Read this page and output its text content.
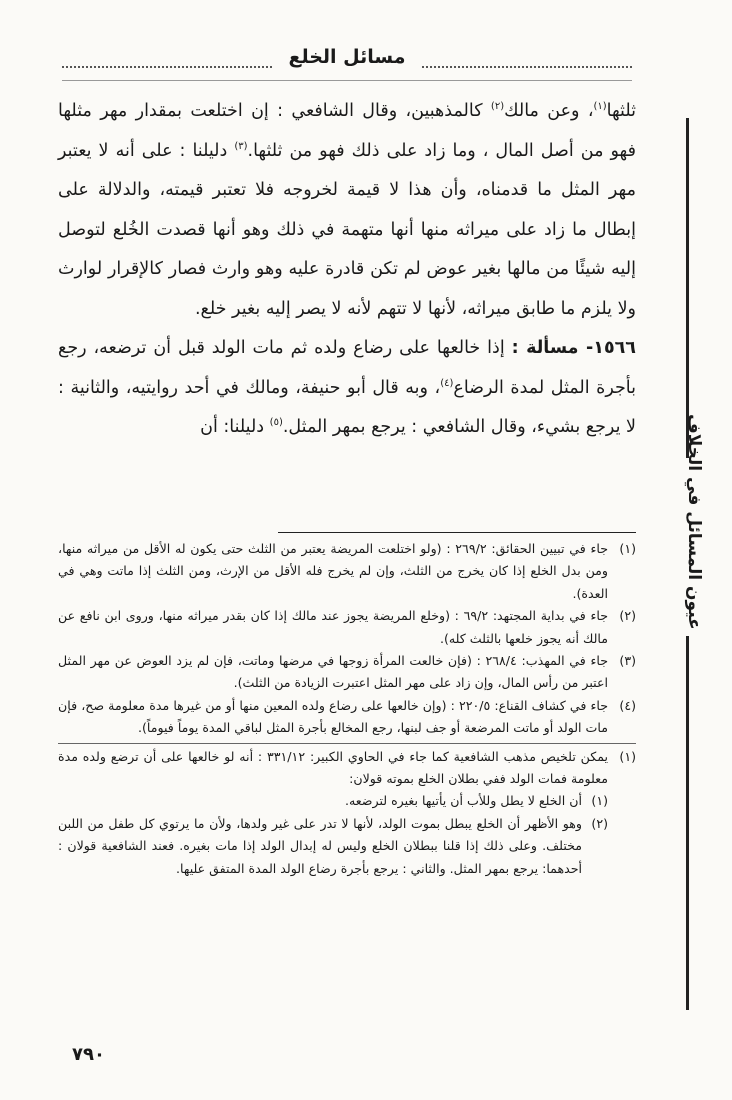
مسائل الخلع

ثلثها$^{(١)}$، وعن مالك$^{(٢)}$ كالمذهبين، وقال الشافعي : إن اختلعت بمقدار مهر مثلها فهو من أصل المال ، وما زاد على ذلك فهو من ثلثها.$^{(٣)}$ دليلنا : على أنه لا يعتبر مهر المثل ما قدمناه، وأن هذا لا قيمة لخروجه فلا تعتبر قيمته، والدلالة على إبطال ما زاد على ميراثه منها أنها متهمة في ذلك وهو أنها قصدت الخُلع لتوصل إليه شيئًا من مالها بغير عوض لم تكن قادرة عليه وهو وارث فصار كالإقرار لوارث ولا يلزم ما طابق ميراثه، لأنها لا تتهم لأنه لا يصر إليه بغير خلع.

١٥٦٦- مسألة : إذا خالعها على رضاع ولده ثم مات الولد قبل أن ترضعه، رجع بأجرة المثل لمدة الرضاع$^{(٤)}$، وبه قال أبو حنيفة، ومالك في أحد روايتيه، والثانية : لا يرجع بشيء، وقال الشافعي : يرجع بمهر المثل.$^{(٥)}$ دليلنا: أن

(١)جاء في تبيين الحقائق: ٢٦٩/٢ : (ولو اختلعت المريضة يعتبر من الثلث حتى يكون له الأقل من ميراثه منها، ومن بدل الخلع إذا كان يخرج من الثلث، وإن لم يخرج فله الأقل من الإرث، ومن الثلث إذا ماتت وهي في العدة).

(٢)جاء في بداية المجتهد: ٦٩/٢ : (وخلع المريضة يجوز عند مالك إذا كان بقدر ميراثه منها، وروى ابن نافع عن مالك أنه يجوز خلعها بالثلث كله).

(٣)جاء في المهذب: ٢٦٨/٤ : (فإن خالعت المرأة زوجها في مرضها وماتت، فإن لم يزد العوض عن مهر المثل اعتبر من رأس المال، وإن زاد على مهر المثل اعتبرت الزيادة من الثلث).

(٤)جاء في كشاف القناع: ٢٢٠/٥ : (وإن خالعها على رضاع ولده المعين منها أو من غيرها مدة معلومة صح، فإن مات الولد أو ماتت المرضعة أو جف لبنها، رجع المخالع بأجرة المثل لباقي المدة يوماً فيوماً).

(١)يمكن تلخيص مذهب الشافعية كما جاء في الحاوي الكبير: ٣٣١/١٢ : أنه لو خالعها على أن ترضع ولده مدة معلومة فمات الولد ففي بطلان الخلع بموته قولان:

(١)أن الخلع لا يطل وللأب أن يأتيها بغيره لترضعه.

(٢)وهو الأظهر أن الخلع يبطل بموت الولد، لأنها لا تدر على غير ولدها، ولأن ما يرتوي كل طفل من اللبن مختلف. وعلى ذلك إذا قلنا ببطلان الخلع وليس له إبدال الولد إذا مات بغيره. فعند الشافعية قولان : أحدهما: يرجع بمهر المثل. والثاني : يرجع بأجرة رضاع الولد المدة المتفق عليها.

عيون المسائل في الخلاف
٧٩٠
